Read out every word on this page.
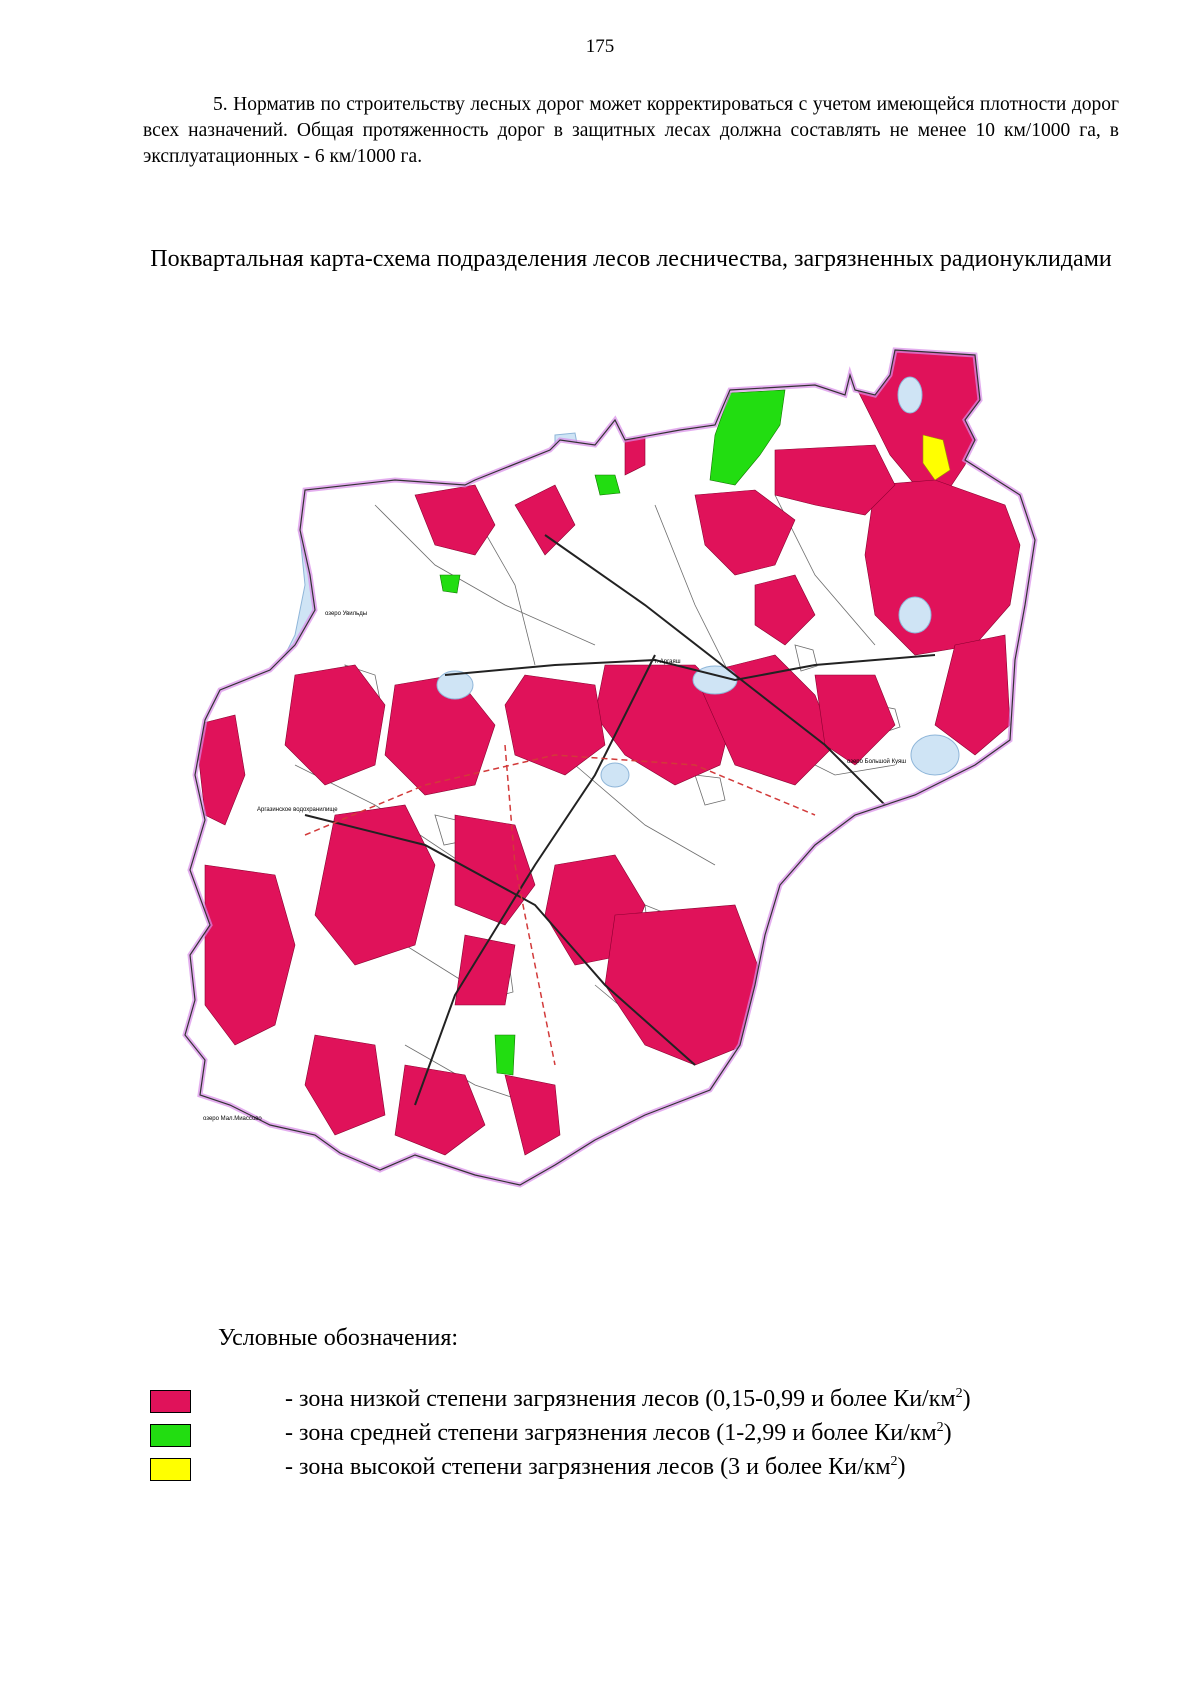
175
5. Норматив по строительству лесных дорог может корректироваться с учетом имеющейся плотности дорог всех назначений. Общая протяженность дорог в защитных лесах должна составлять не менее 10 км/1000 га, в эксплуатационных - 6 км/1000 га.
Поквартальная карта-схема подразделения лесов лесничества, загрязненных радионуклидами
г. Аргаяш
озеро Увильды
озеро Большой Куяш
Аргазинское водохранилище
озеро Мал.Миассово
Условные обозначения:
- зона низкой степени загрязнения лесов (0,15-0,99 и более $Ки/км^2$)
- зона средней степени загрязнения лесов (1-2,99 и более $Ки/км^2$)
- зона высокой степени загрязнения лесов (3 и более $Ки/км^2$)
